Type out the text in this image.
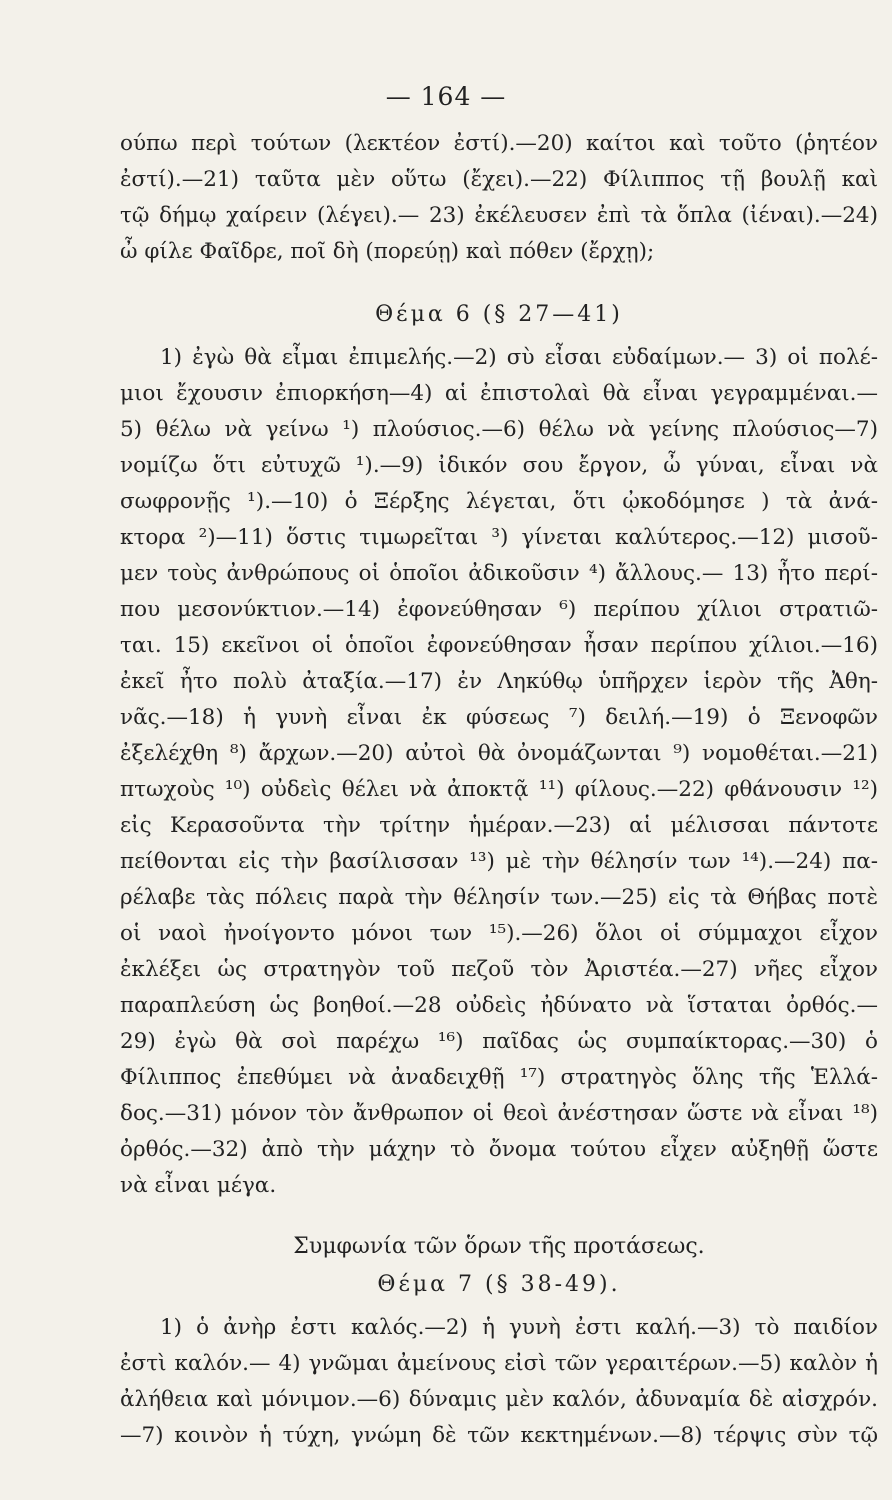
— 164 —
ούπω περὶ τούτων (λεκτέον ἐστί).—20) καίτοι καὶ τοῦτο (ῥητέον
ἐστί).—21) ταῦτα μὲν οὕτω (ἔχει).—22) Φίλιππος τῇ βουλῇ καὶ
τῷ δήμῳ χαίρειν (λέγει).— 23) ἐκέλευσεν ἐπὶ τὰ ὅπλα (ἰέναι).—24)
ὦ φίλε Φαῖδρε, ποῖ δὴ (πορεύῃ) καὶ πόθεν (ἔρχῃ);
Θέμα 6 (§ 27—41)
1) ἐγὼ θὰ εἶμαι ἐπιμελής.—2) σὺ εἶσαι εὐδαίμων.— 3) οἱ πολέ-
μιοι ἔχουσιν ἐπιορκήση—4) αἱ ἐπιστολαὶ θὰ εἶναι γεγραμμέναι.—
5) θέλω νὰ γείνω ¹) πλούσιος.—6) θέλω νὰ γείνης πλούσιος—7)
νομίζω ὅτι εὐτυχῶ ¹).—9) ἰδικόν σου ἔργον, ὦ γύναι, εἶναι νὰ
σωφρονῇς ¹).—10) ὁ Ξέρξης λέγεται, ὅτι ᾠκοδόμησε ) τὰ ἀνά-
κτορα ²)—11) ὅστις τιμωρεῖται ³) γίνεται καλύτερος.—12) μισοῦ-
μεν τοὺς ἀνθρώπους οἱ ὁποῖοι ἀδικοῦσιν ⁴) ἄλλους.— 13) ἦτο περί-
που μεσονύκτιον.—14) ἐφονεύθησαν ⁶) περίπου χίλιοι στρατιῶ-
ται. 15) εκεῖνοι οἱ ὁποῖοι ἐφονεύθησαν ἦσαν περίπου χίλιοι.—16)
ἐκεῖ ἦτο πολὺ ἀταξία.—17) ἐν Ληκύθῳ ὑπῆρχεν ἱερὸν τῆς Ἀθη-
νᾶς.—18) ἡ γυνὴ εἶναι ἐκ φύσεως ⁷) δειλή.—19) ὁ Ξενοφῶν
ἐξελέχθη ⁸) ἄρχων.—20) αὐτοὶ θὰ ὀνομάζωνται ⁹) νομοθέται.—21)
πτωχοὺς ¹⁰) οὐδεὶς θέλει νὰ ἀποκτᾷ ¹¹) φίλους.—22) φθάνουσιν ¹²)
εἰς Κερασοῦντα τὴν τρίτην ἡμέραν.—23) αἱ μέλισσαι πάντοτε
πείθονται εἰς τὴν βασίλισσαν ¹³) μὲ τὴν θέλησίν των ¹⁴).—24) πα-
ρέλαβε τὰς πόλεις παρὰ τὴν θέλησίν των.—25) εἰς τὰ Θήβας ποτὲ
οἱ ναοὶ ἠνοίγοντο μόνοι των ¹⁵).—26) ὅλοι οἱ σύμμαχοι εἶχον
ἐκλέξει ὡς στρατηγὸν τοῦ πεζοῦ τὸν Ἀριστέα.—27) νῆες εἶχον
παραπλεύση ὡς βοηθοί.—28 οὐδεὶς ἠδύνατο νὰ ἵσταται ὀρθός.—
29) ἐγὼ θὰ σοὶ παρέχω ¹⁶) παῖδας ὡς συμπαίκτορας.—30) ὁ
Φίλιππος ἐπεθύμει νὰ ἀναδειχθῇ ¹⁷) στρατηγὸς ὅλης τῆς Ἑλλά-
δος.—31) μόνον τὸν ἄνθρωπον οἱ θεοὶ ἀνέστησαν ὥστε νὰ εἶναι ¹⁸)
ὀρθός.—32) ἀπὸ τὴν μάχην τὸ ὄνομα τούτου εἶχεν αὐξηθῇ ὥστε
νὰ εἶναι μέγα.
Συμφωνία τῶν ὅρων τῆς προτάσεως.
Θέμα 7 (§ 38-49).
1) ὁ ἀνὴρ ἐστι καλός.—2) ἡ γυνὴ ἐστι καλή.—3) τὸ παιδίον
ἐστὶ καλόν.— 4) γνῶμαι ἀμείνους εἰσὶ τῶν γεραιτέρων.—5) καλὸν ἡ
ἀλήθεια καὶ μόνιμον.—6) δύναμις μὲν καλόν, ἀδυναμία δὲ αἰσχρόν.
—7) κοινὸν ἡ τύχη, γνώμη δὲ τῶν κεκτημένων.—8) τέρψις σὺν τῷ
